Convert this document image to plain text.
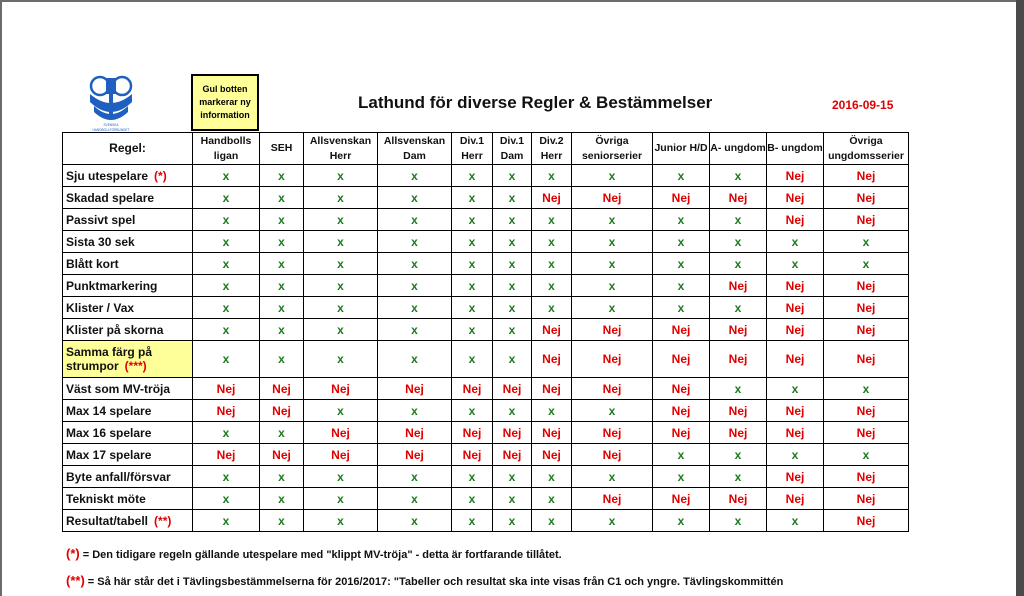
SVENSKA
HANDBOLLFÖRBUNDET
Gul botten markerar ny information
Lathund för diverse Regler & Bestämmelser	2016-09-15
Regel:	Handbolls ligan	SEH	Allsvenskan Herr	Allsvenskan Dam	Div.1 Herr	Div.1 Dam	Div.2 Herr	Övriga seniorserier	Junior H/D	A- ungdom	B- ungdom	Övriga ungdomsserier
Sju utespelare (*)	x	x	x	x	x	x	x	x	x	x	Nej	Nej
Skadad spelare	x	x	x	x	x	x	Nej	Nej	Nej	Nej	Nej	Nej
Passivt spel	x	x	x	x	x	x	x	x	x	x	Nej	Nej
Sista 30 sek	x	x	x	x	x	x	x	x	x	x	x	x
Blått kort	x	x	x	x	x	x	x	x	x	x	x	x
Punktmarkering	x	x	x	x	x	x	x	x	x	Nej	Nej	Nej
Klister / Vax	x	x	x	x	x	x	x	x	x	x	Nej	Nej
Klister på skorna	x	x	x	x	x	x	Nej	Nej	Nej	Nej	Nej	Nej
Samma färg på strumpor (***)	x	x	x	x	x	x	Nej	Nej	Nej	Nej	Nej	Nej
Väst som MV-tröja	Nej	Nej	Nej	Nej	Nej	Nej	Nej	Nej	Nej	x	x	x
Max 14 spelare	Nej	Nej	x	x	x	x	x	x	Nej	Nej	Nej	Nej
Max 16 spelare	x	x	Nej	Nej	Nej	Nej	Nej	Nej	Nej	Nej	Nej	Nej
Max 17 spelare	Nej	Nej	Nej	Nej	Nej	Nej	Nej	Nej	x	x	x	x
Byte anfall/försvar	x	x	x	x	x	x	x	x	x	x	Nej	Nej
Tekniskt möte	x	x	x	x	x	x	x	Nej	Nej	Nej	Nej	Nej
Resultat/tabell (**)	x	x	x	x	x	x	x	x	x	x	x	Nej
(*) = Den tidigare regeln gällande utespelare med "klippt MV-tröja" - detta är fortfarande tillåtet.
(**) = Så här står det i Tävlingsbestämmelserna för 2016/2017: "Tabeller och resultat ska inte visas från C1 och yngre. Tävlingskommittén
